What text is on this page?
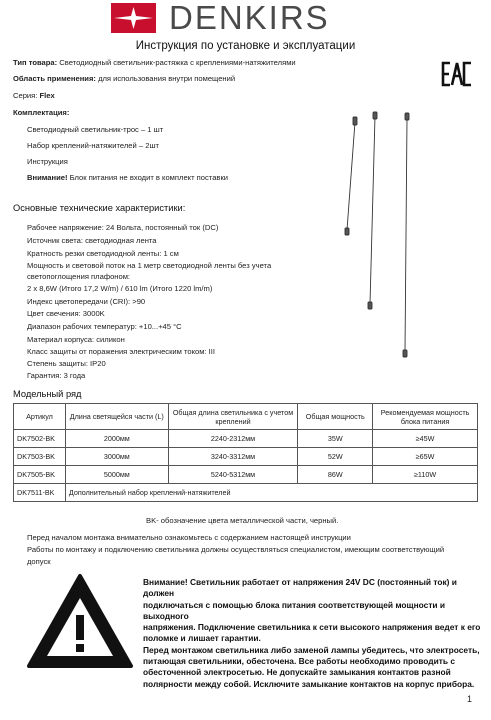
DENKIRS
Инструкция по установке и эксплуатации
Тип товара: Светодиодный светильник-растяжка с креплениями-натяжителями
Область применения: для использования внутри помещений
Серия: Flex
Комплектация:
Светодиодный светильник-трос – 1 шт
Набор креплений-натяжителей – 2шт
Инструкция
Внимание! Блок питания не входит в комплект поставки
Основные технические характеристики:
Рабочее напряжение: 24 Вольта, постоянный ток (DC)
Источник света: светодиодная лента
Кратность резки светодиодной ленты: 1 см
Мощность и световой поток на 1 метр светодиодной ленты без учета
светопоглощения плафоном:
2 x 8,6W (Итого 17,2 W/m) / 610 lm (Итого 1220 lm/m)
Индекс цветопередачи (CRI): >90
Цвет свечения: 3000K
Диапазон рабочих температур: +10...+45 °C
Материал корпуса: силикон
Класс защиты от поражения электрическим током: III
Степень защиты: IP20
Гарантия: 3 года
Модельный ряд
Артикул	Длина светящейся части (L)	Общая длина светильника с учетом креплений	Общая мощность	Рекомендуемая мощность блока питания
DK7502-BK	2000мм	2240-2312мм	35W	≥45W
DK7503-BK	3000мм	3240-3312мм	52W	≥65W
DK7505-BK	5000мм	5240-5312мм	86W	≥110W
DK7511-BK	Дополнительный набор креплений-натяжителей			
BK- обозначение цвета металлической части, черный.
Перед началом монтажа внимательно ознакомьтесь с содержанием настоящей инструкции
Работы по монтажу и подключению светильника должны осуществляться специалистом, имеющим соответствующий
допуск
Внимание! Светильник работает от напряжения 24V DC (постоянный ток) и должен
подключаться с помощью блока питания соответствующей мощности и выходного
напряжения. Подключение светильника к сети высокого напряжения ведет к его
поломке и лишает гарантии.
Перед монтажом светильника либо заменой лампы убедитесь, что электросеть,
питающая светильники, обесточена. Все работы необходимо проводить с
обесточенной электросетью. Не допускайте замыкания контактов разной
полярности между собой. Исключите замыкание контактов на корпус прибора.
1
